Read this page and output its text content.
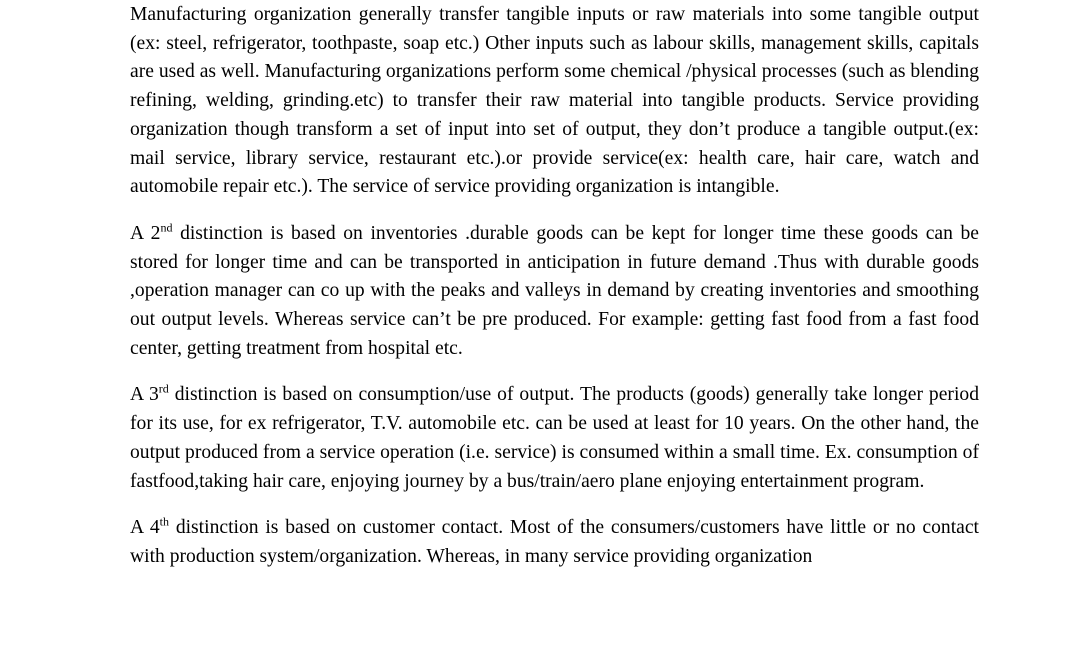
Manufacturing organization generally transfer tangible inputs or raw materials into some tangible output (ex: steel, refrigerator, toothpaste, soap etc.) Other inputs such as labour skills, management skills, capitals are used as well. Manufacturing organizations perform some chemical /physical processes (such as blending refining, welding, grinding.etc) to transfer their raw material into tangible products. Service providing organization though transform a set of input into set of output, they don’t produce a tangible output.(ex: mail service, library service, restaurant etc.).or provide service(ex: health care, hair care, watch and automobile repair etc.). The service of service providing organization is intangible.

A 2nd distinction is based on inventories .durable goods can be kept for longer time these goods can be stored for longer time and can be transported in anticipation in future demand .Thus with durable goods ,operation manager can co up with the peaks and valleys in demand by creating inventories and smoothing out output levels. Whereas service can’t be pre produced. For example: getting fast food from a fast food center, getting treatment from hospital etc.

A 3rd distinction is based on consumption/use of output. The products (goods) generally take longer period for its use, for ex refrigerator, T.V. automobile etc. can be used at least for 10 years. On the other hand, the output produced from a service operation (i.e. service) is consumed within a small time. Ex. consumption of fastfood,taking hair care, enjoying journey by a bus/train/aero plane enjoying entertainment program.

A 4th distinction is based on customer contact. Most of the consumers/customers have little or no contact with production system/organization. Whereas, in many service providing organization
